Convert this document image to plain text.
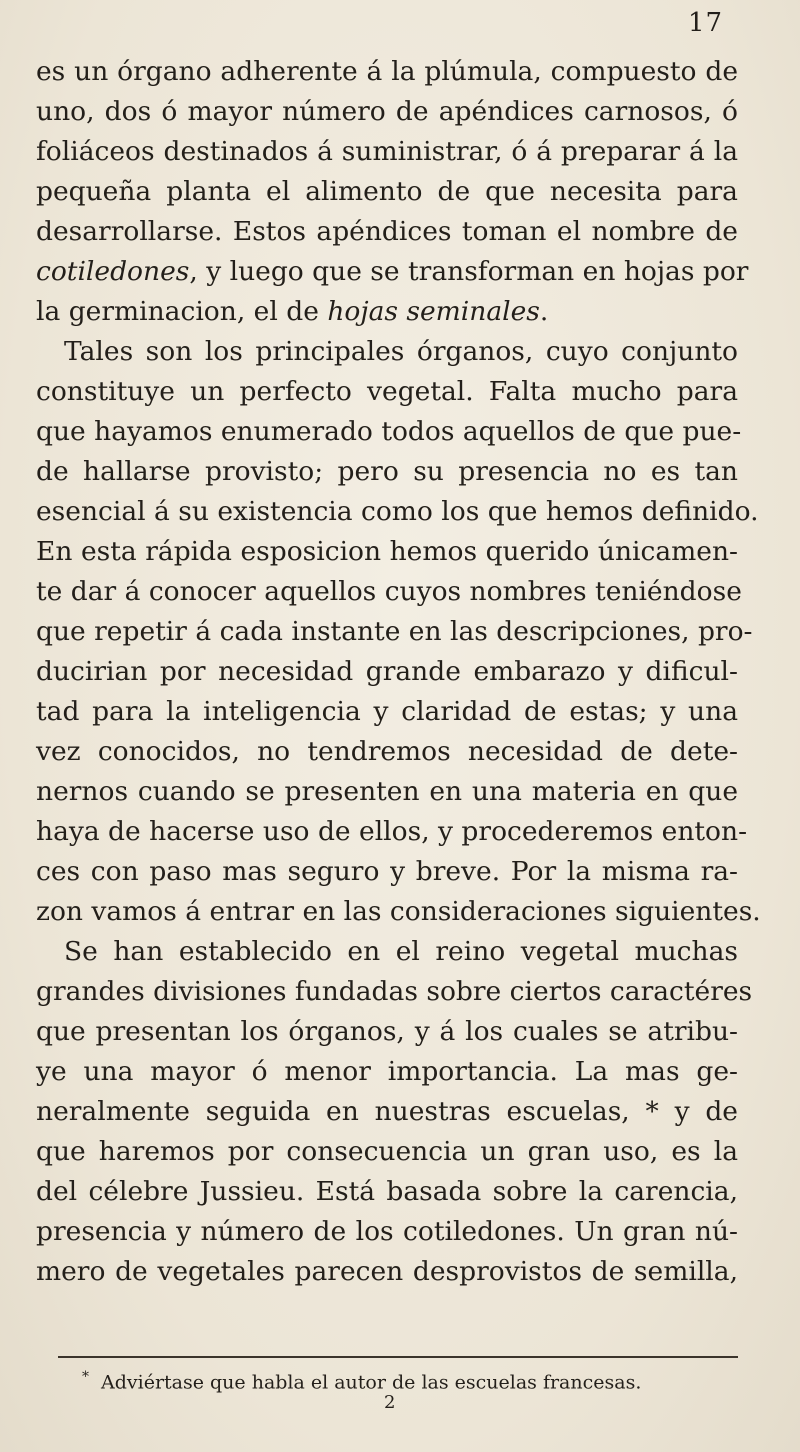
17
es un órgano adherente á la plúmula, compuesto de
uno, dos ó mayor número de apéndices carnosos, ó
foliáceos destinados á suministrar, ó á preparar á la
pequeña planta el alimento de que necesita para
desarrollarse. Estos apéndices toman el nombre de
cotiledones, y luego que se transforman en hojas por
la germinacion, el de hojas seminales.
Tales son los principales órganos, cuyo conjunto
constituye un perfecto vegetal. Falta mucho para
que hayamos enumerado todos aquellos de que pue-
de hallarse provisto; pero su presencia no es tan
esencial á su existencia como los que hemos definido.
En esta rápida esposicion hemos querido únicamen-
te dar á conocer aquellos cuyos nombres teniéndose
que repetir á cada instante en las descripciones, pro-
ducirian por necesidad grande embarazo y dificul-
tad para la inteligencia y claridad de estas; y una
vez conocidos, no tendremos necesidad de dete-
nernos cuando se presenten en una materia en que
haya de hacerse uso de ellos, y procederemos enton-
ces con paso mas seguro y breve. Por la misma ra-
zon vamos á entrar en las consideraciones siguientes.
Se han establecido en el reino vegetal muchas
grandes divisiones fundadas sobre ciertos caractéres
que presentan los órganos, y á los cuales se atribu-
ye una mayor ó menor importancia. La mas ge-
neralmente seguida en nuestras escuelas, * y de
que haremos por consecuencia un gran uso, es la
del célebre Jussieu. Está basada sobre la carencia,
presencia y número de los cotiledones. Un gran nú-
mero de vegetales parecen desprovistos de semilla,
* Adviértase que habla el autor de las escuelas francesas.
2
